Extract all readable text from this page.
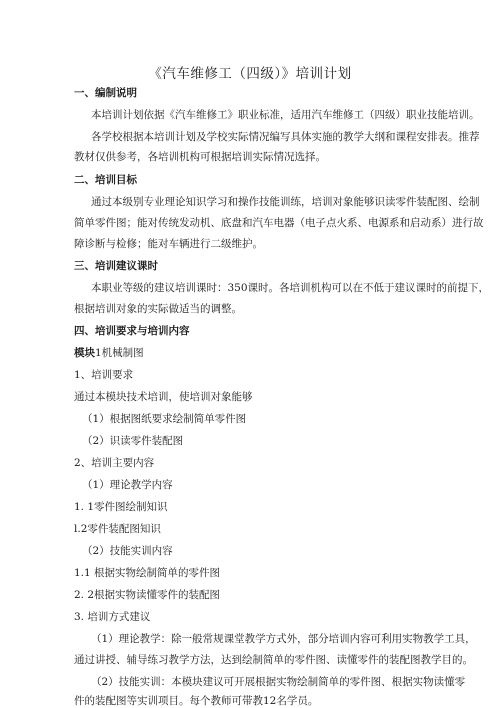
《汽车维修工（四级）》培训计划
一、编制说明
本培训计划依据《汽车维修工》职业标准，适用汽车维修工（四级）职业技能培训。
各学校根据本培训计划及学校实际情况编写具体实施的教学大纲和课程安排表。推荐
教材仅供参考，各培训机构可根据培训实际情况选择。
二、培训目标
通过本级别专业理论知识学习和操作技能训练，培训对象能够识读零件装配图、绘制
简单零件图；能对传统发动机、底盘和汽车电器（电子点火系、电源系和启动系）进行故
障诊断与检修；能对车辆进行二级维护。
三、培训建议课时
本职业等级的建议培训课时：350课时。各培训机构可以在不低于建议课时的前提下，
根据培训对象的实际做适当的调整。
四、培训要求与培训内容
模块1机械制图
1、培训要求
通过本模块技术培训，使培训对象能够
（1）根据图纸要求绘制简单零件图
（2）识读零件装配图
2、培训主要内容
（1）理论教学内容
1. 1零件图绘制知识
l.2零件装配图知识
（2）技能实训内容
1.1 根据实物绘制简单的零件图
2. 2根据实物读懂零件的装配图
3. 培训方式建议
（1）理论教学：除一般常规课堂教学方式外，部分培训内容可利用实物教学工具，
通过讲授、辅导练习教学方法，达到绘制简单的零件图、读懂零件的装配图教学目的。
（2）技能实训：本模块建议可开展根据实物绘制简单的零件图、根据实物读懂零
件的装配图等实训项目。每个教师可带教12名学员。
